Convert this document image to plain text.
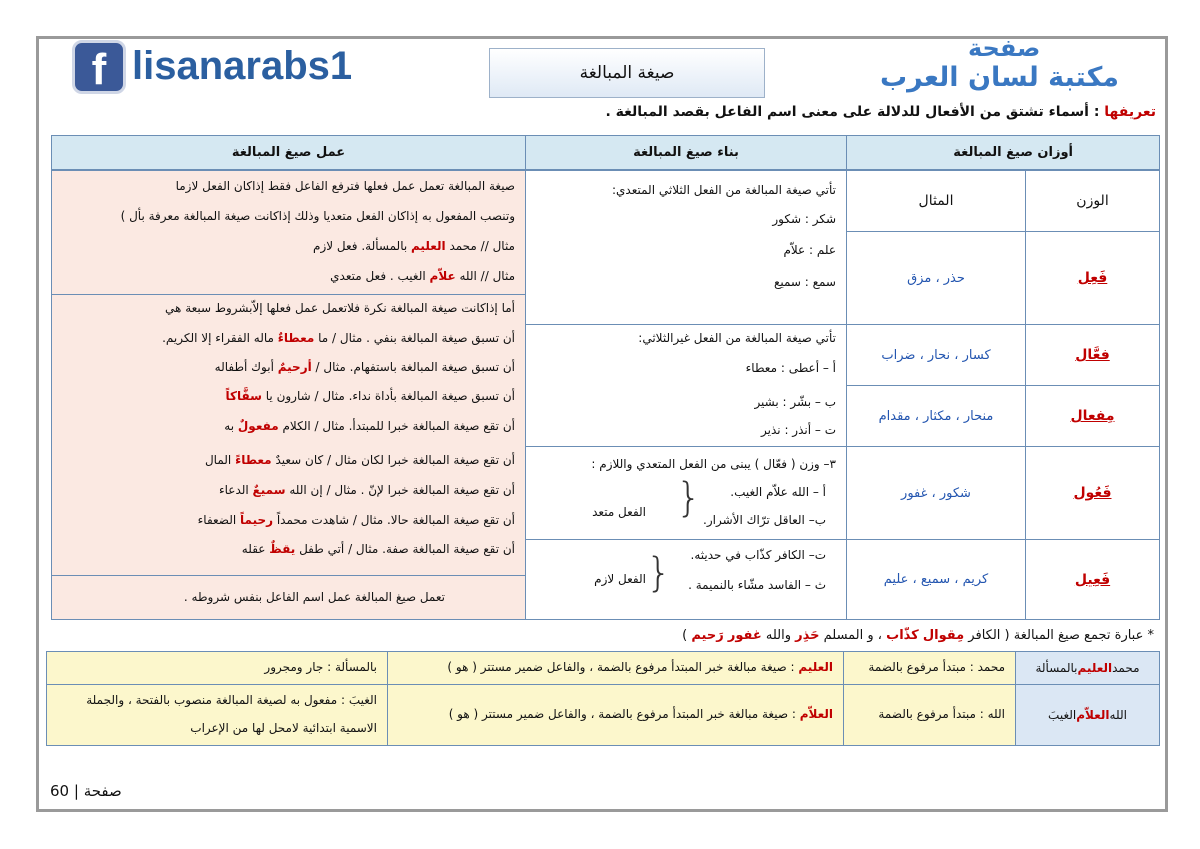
f lisanarabs1	صيغة المبالغة
صفحة
مكتبة لسان العرب
تعريفها : أسماء تشتق من الأفعال للدلالة على معنى اسم الفاعل بقصد المبالغة .
أوزان صيغ المبالغة
بناء صيغ المبالغة
عمل صيغ المبالغة
الوزن
المثال
فَعِل
حذر ، مزق
فعَّال
كسار ، نحار ، ضراب
مِفعال
منحار ، مكثار ، مقدام
فَعُول
شكور ، غفور
فَعِيل
كريم ، سميع ، عليم
تأتي صيغة المبالغة من الفعل الثلاثي المتعدي:
شكر : شكور
علم : علاّم
سمع : سميع
تأتي صيغة المبالغة من الفعل غيرالثلاثي:
أ – أعطى : معطاء
ب – بشّر : بشير
ت – أنذر : نذير
٣– وزن ( فعّال ) يبنى من الفعل المتعدي واللازم :
أ – الله علاّم الغيب.
ب– العاقل ترّاك الأشرار.
{
الفعل متعد
ت– الكافر كذّاب في حديثه.
ث – الفاسد مشّاء بالنميمة .
{
الفعل لازم
صيغة المبالغة تعمل عمل فعلها فترفع الفاعل فقط إذاكان الفعل لازما
وتنصب المفعول به إذاكان الفعل متعديا وذلك إذاكانت صيغة المبالغة معرفة بأل )
مثال // محمد العليم بالمسألة. فعل لازم
مثال // الله علاّم الغيب . فعل متعدي
أما إذاكانت صيغة المبالغة نكرة فلاتعمل عمل فعلها إلاّبشروط سبعة هي
أن تسبق صيغة المبالغة بنفي . مثال / ما معطاءٌ ماله الفقراء إلا الكريم.
أن تسبق صيغة المبالغة باستفهام. مثال / أرحيمٌ أبوك أطفاله
أن تسبق صيغة المبالغة بأداة نداء. مثال / شارون يا سفَّاكاً
أن تقع صيغة المبالغة خبرا للمبتدأ. مثال / الكلام مفعولٌ به
أن تقع صيغة المبالغة خبرا لكان مثال / كان سعيدٌ معطاءً المال
أن تقع صيغة المبالغة خبرا لإنّ . مثال / إن الله سميعٌ الدعاء
أن تقع صيغة المبالغة حالا. مثال / شاهدت محمداً رحيماً الضعفاء
أن تقع صيغة المبالغة صفة. مثال / أتي طفل يقظٌ عقله
تعمل صيغ المبالغة عمل اسم الفاعل بنفس شروطه .
* عبارة تجمع صيغ المبالغة ( الكافر مِقوال كذّاب ، و المسلم حَذِر والله غفور رَحيم )
محمد
العليم
بالمسألة
محمد : مبتدأ مرفوع بالضمة
العليم : صيغة مبالغة خبر المبتدأ مرفوع بالضمة ، والفاعل ضمير مستتر ( هو )
بالمسألة : جار ومجرور
الله
العلاّم
الغيبَ
الله : مبتدأ مرفوع بالضمة
العلاّم : صيغة مبالغة خبر المبتدأ مرفوع بالضمة ، والفاعل ضمير مستتر ( هو )
الغيبَ : مفعول به لصيغة المبالغة منصوب بالفتحة ، والجملة
الاسمية ابتدائية لامحل لها من الإعراب
60 | صفحة
